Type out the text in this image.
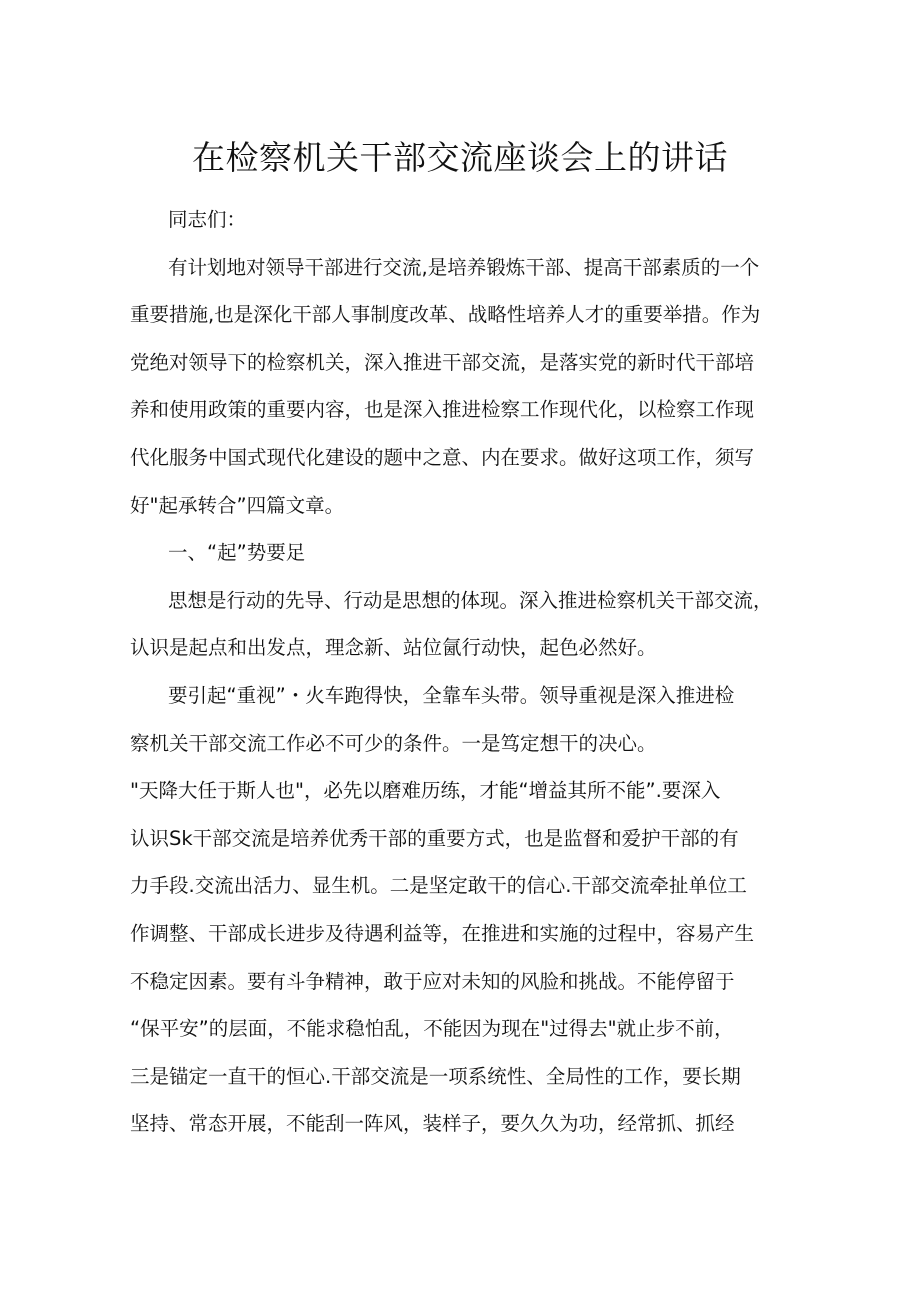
在检察机关干部交流座谈会上的讲话
同志们：
有计划地对领导干部进行交流,是培养锻炼干部、提高干部素质的一个
重要措施,也是深化干部人事制度改革、战略性培养人才的重要举措。作为
党绝对领导下的检察机关，深入推进干部交流，是落实党的新时代干部培
养和使用政策的重要内容，也是深入推进检察工作现代化，以检察工作现
代化服务中国式现代化建设的题中之意、内在要求。做好这项工作，须写
好"起承转合”四篇文章。
一、“起”势要足
思想是行动的先导、行动是思想的体现。深入推进检察机关干部交流，
认识是起点和出发点，理念新、站位氤行动快，起色必然好。
要引起“重视”・火车跑得快，全靠车头带。领导重视是深入推进检
察机关干部交流工作必不可少的条件。一是笃定想干的决心。
"天降大任于斯人也"，必先以磨难历练，才能“增益其所不能”.要深入
认识Sk干部交流是培养优秀干部的重要方式，也是监督和爱护干部的有
力手段.交流出活力、显生机。二是坚定敢干的信心.干部交流牵扯单位工
作调整、干部成长进步及待遇利益等，在推进和实施的过程中，容易产生
不稳定因素。要有斗争精神，敢于应对未知的风脸和挑战。不能停留于
“保平安”的层面，不能求稳怕乱，不能因为现在"过得去"就止步不前，
三是锚定一直干的恒心.干部交流是一项系统性、全局性的工作，要长期
坚持、常态开展，不能刮一阵风，装样子，要久久为功，经常抓、抓经
